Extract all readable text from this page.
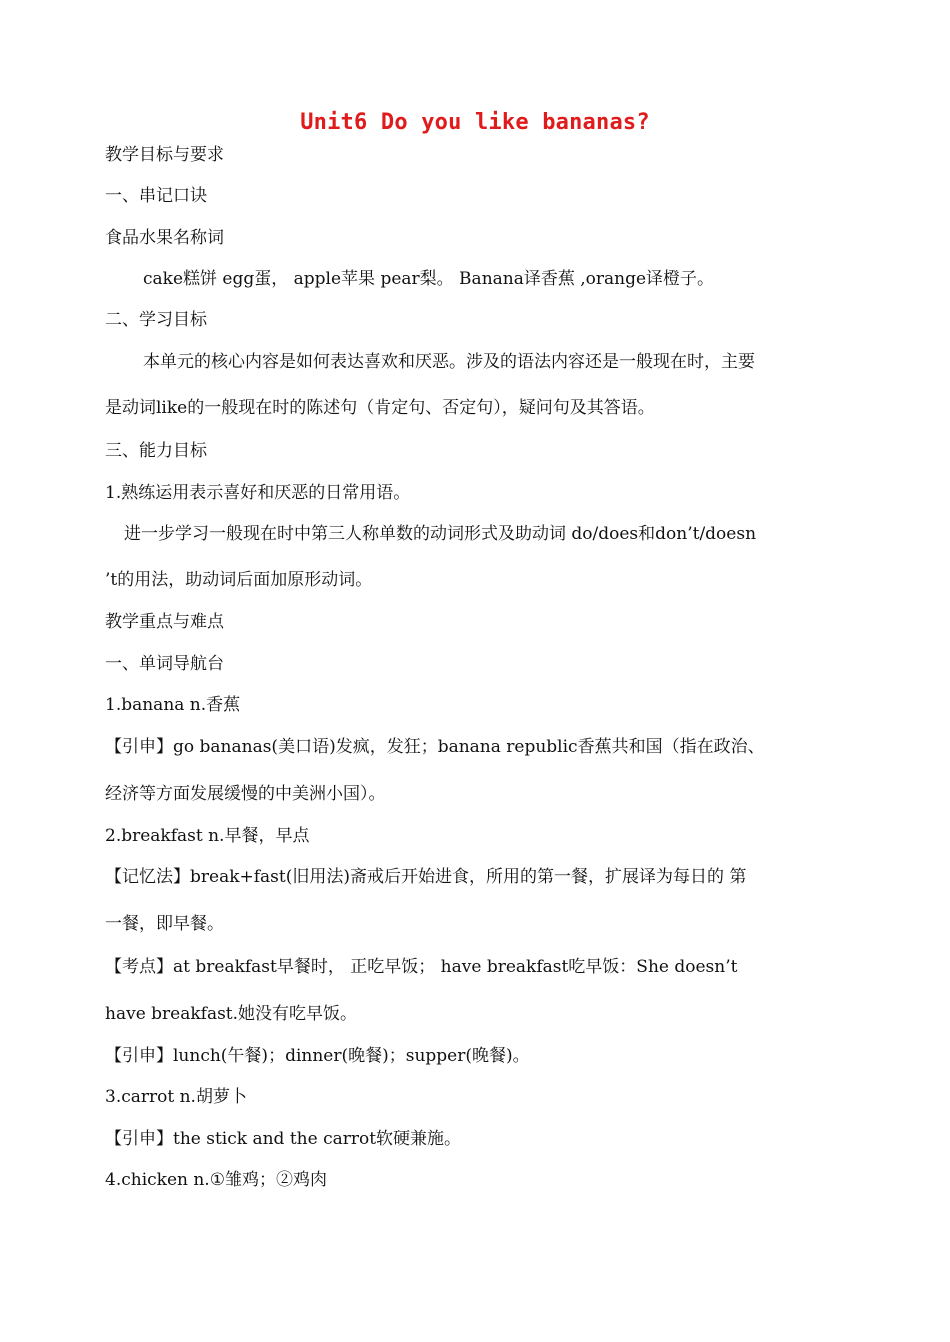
Unit6 Do you like bananas?
教学目标与要求
一、串记口诀
食品水果名称词
cake糕饼 egg蛋， apple苹果 pear梨。 Banana译香蕉 ,orange译橙子。
二、学习目标
本单元的核心内容是如何表达喜欢和厌恶。涉及的语法内容还是一般现在时，主要
是动词like的一般现在时的陈述句（肯定句、否定句），疑问句及其答语。
三、能力目标
1.熟练运用表示喜好和厌恶的日常用语。
进一步学习一般现在时中第三人称单数的动词形式及助动词 do/does和don’t/doesn
’t的用法，助动词后面加原形动词。
教学重点与难点
一、单词导航台
1.banana n.香蕉
【引申】go bananas(美口语)发疯，发狂；banana republic香蕉共和国（指在政治、
经济等方面发展缓慢的中美洲小国）。
2.breakfast n.早餐，早点
【记忆法】break+fast(旧用法)斋戒后开始进食，所用的第一餐，扩展译为每日的 第
一餐，即早餐。
【考点】at breakfast早餐时， 正吃早饭； have breakfast吃早饭：She doesn’t
have breakfast.她没有吃早饭。
【引申】lunch(午餐)；dinner(晚餐)；supper(晚餐)。
3.carrot n.胡萝卜
【引申】the stick and the carrot软硬兼施。
4.chicken n.①雏鸡；②鸡肉
